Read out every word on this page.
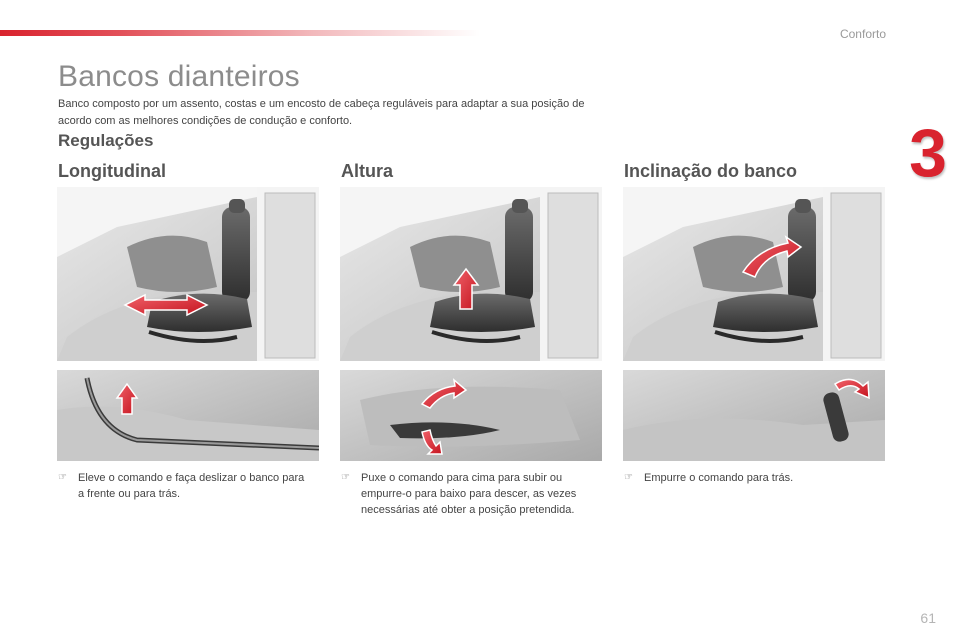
Conforto
3
Bancos dianteiros

Banco composto por um assento, costas e um encosto de cabeça reguláveis para adaptar a sua posição de acordo com as melhores condições de condução e conforto.

Regulações
Longitudinal	Altura	Inclinação do banco
☞	Eleve o comando e faça deslizar o banco para a frente ou para trás.
☞	Puxe o comando para cima para subir ou empurre-o para baixo para descer, as vezes necessárias até obter a posição pretendida.
☞	Empurre o comando para trás.
61
